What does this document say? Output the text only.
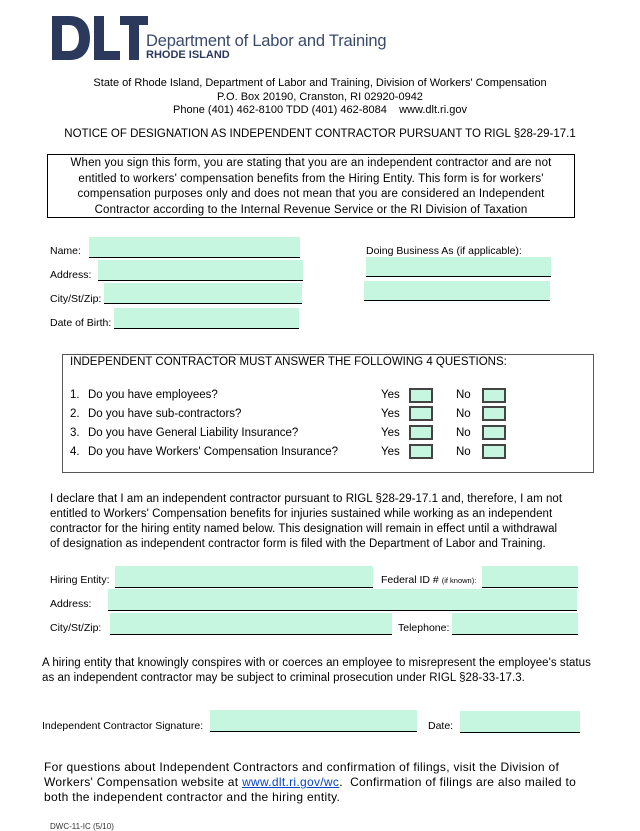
Department of Labor and Training
RHODE ISLAND
State of Rhode Island, Department of Labor and Training, Division of Workers' Compensation
P.O. Box 20190, Cranston, RI 02920-0942
Phone (401) 462-8100 TDD (401) 462-8084    www.dlt.ri.gov
NOTICE OF DESIGNATION AS INDEPENDENT CONTRACTOR PURSUANT TO RIGL §28-29-17.1
When you sign this form, you are stating that you are an independent contractor and are not
entitled to workers' compensation benefits from the Hiring Entity. This form is for workers'
compensation purposes only and does not mean that you are considered an Independent
Contractor according to the Internal Revenue Service or the RI Division of Taxation
Name:
Address:
City/St/Zip:
Date of Birth:
Doing Business As (if applicable):
INDEPENDENT CONTRACTOR MUST ANSWER THE FOLLOWING 4 QUESTIONS:
1. Do you have employees?	Yes	No
2. Do you have sub-contractors?	Yes	No
3. Do you have General Liability Insurance?	Yes	No
4. Do you have Workers' Compensation Insurance?	Yes	No
I declare that I am an independent contractor pursuant to RIGL §28-29-17.1 and, therefore, I am not
entitled to Workers' Compensation benefits for injuries sustained while working as an independent
contractor for the hiring entity named below. This designation will remain in effect until a withdrawal
of designation as independent contractor form is filed with the Department of Labor and Training.
Hiring Entity:	Federal ID # (if known):
Address:
City/St/Zip:	Telephone:
A hiring entity that knowingly conspires with or coerces an employee to misrepresent the employee's status
as an independent contractor may be subject to criminal prosecution under RIGL §28-33-17.3.
Independent Contractor Signature:	Date:
For questions about Independent Contractors and confirmation of filings, visit the Division of
Workers' Compensation website at www.dlt.ri.gov/wc.  Confirmation of filings are also mailed to
both the independent contractor and the hiring entity.
DWC-11-IC (5/10)
